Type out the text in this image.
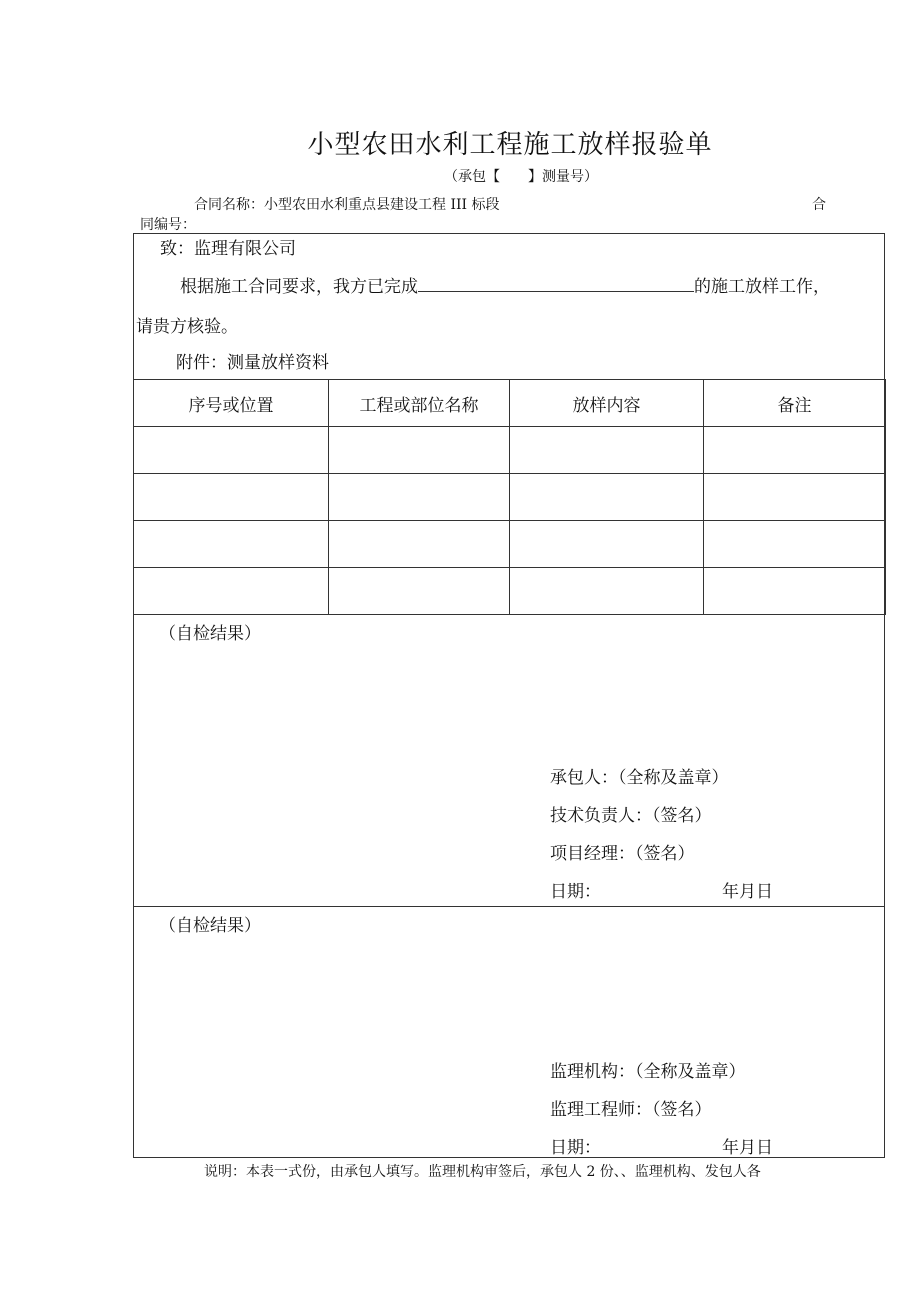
小型农田水利工程施工放样报验单
（承包【　　】测量号）
合同名称：小型农田水利重点县建设工程 III 标段	合
同编号：
致：监理有限公司
根据施工合同要求，我方已完成	的施工放样工作，
请贵方核验。
附件：测量放样资料
序号或位置	工程或部位名称	放样内容	备注

（自检结果）
承包人：（全称及盖章）
技术负责人：（签名）
项目经理：（签名）
日期：	年月日
（自检结果）
监理机构：（全称及盖章）
监理工程师：（签名）
日期：	年月日
说明：本表一式份，由承包人填写。监理机构审签后，承包人 2 份、、监理机构、发包人各
